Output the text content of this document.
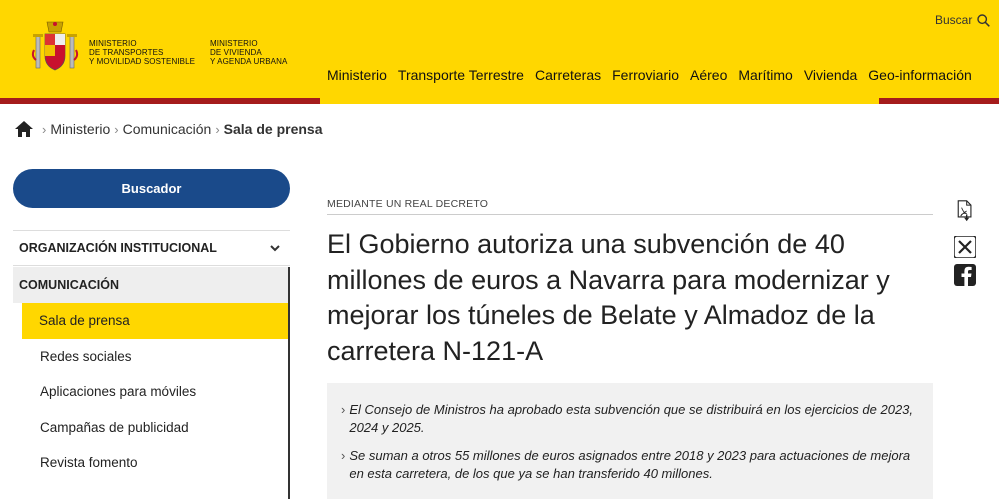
MINISTERIO
DE TRANSPORTES
Y MOVILIDAD SOSTENIBLE
MINISTERIO
DE VIVIENDA
Y AGENDA URBANA
Buscar
Ministerio Transporte Terrestre Carreteras Ferroviario Aéreo Marítimo Vivienda Geo-información
› Ministerio › Comunicación › Sala de prensa
Buscador
ORGANIZACIÓN INSTITUCIONAL
COMUNICACIÓN
Sala de prensa
Redes sociales
Aplicaciones para móviles
Campañas de publicidad
Revista fomento
MEDIANTE UN REAL DECRETO
El Gobierno autoriza una subvención de 40 millones de euros a Navarra para modernizar y mejorar los túneles de Belate y Almadoz de la carretera N-121-A
› El Consejo de Ministros ha aprobado esta subvención que se distribuirá en los ejercicios de 2023, 2024 y 2025.
› Se suman a otros 55 millones de euros asignados entre 2018 y 2023 para actuaciones de mejora en esta carretera, de los que ya se han transferido 40 millones.
